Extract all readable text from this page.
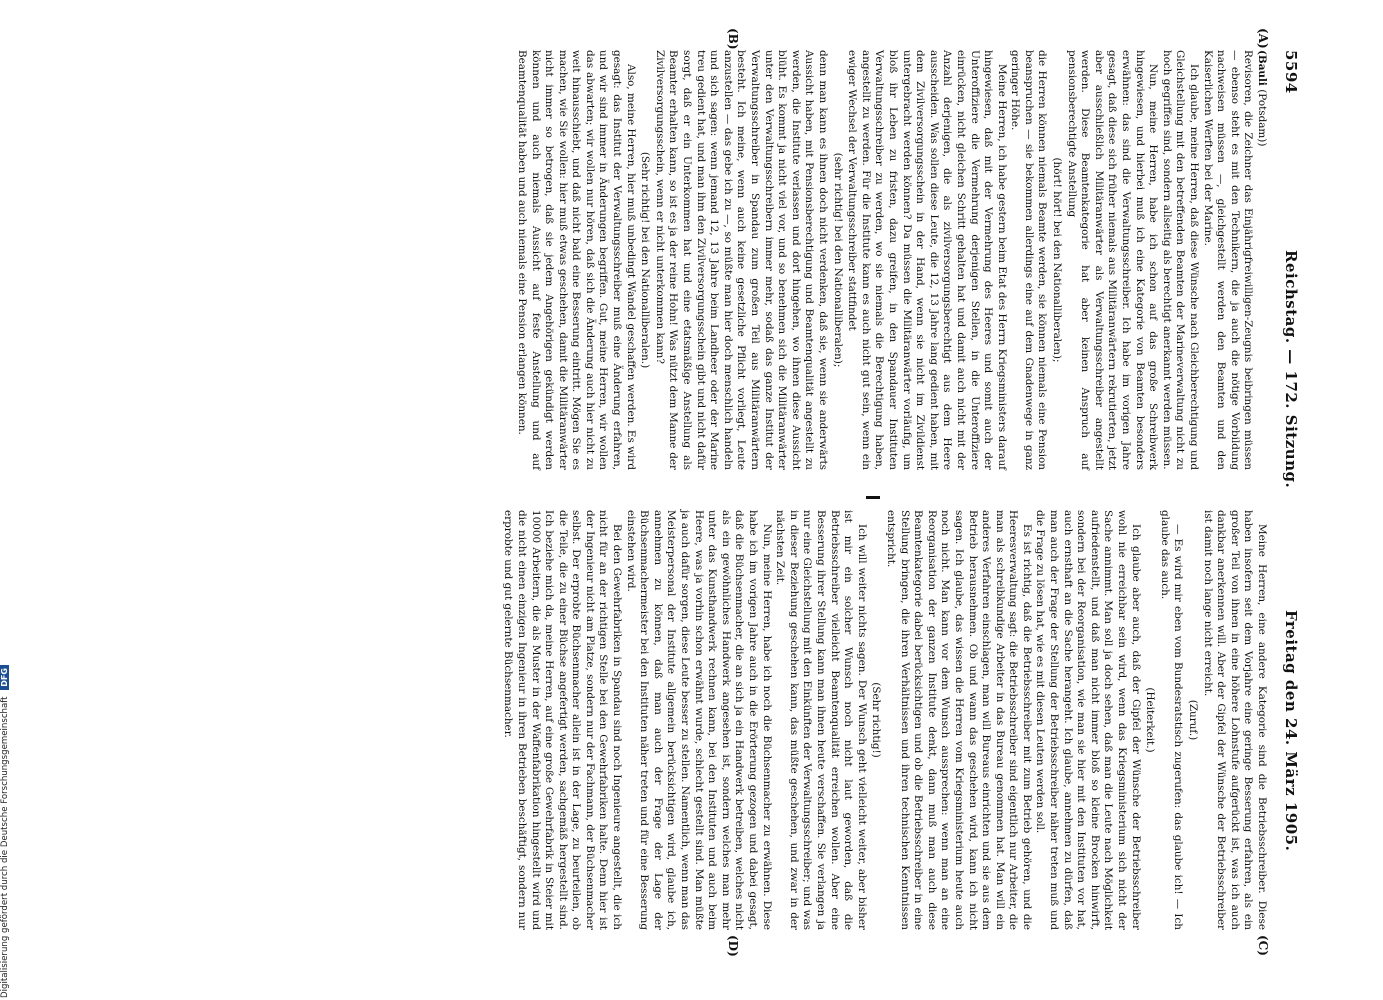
5594
Reichstag. — 172. Sitzung.
Freitag den 24. März 1905.
(A)
(B)
(C)
(D)

(Bauli (Potsdam))

Revisoren, die Zeichner das Einjährigfreiwilligen-Zeugnis beibringen müssen — ebenso steht es mit den Technikern, die ja auch die nötige Vorbildung nachweisen müssen —, gleichgestellt werden den Beamten und den Kaiserlichen Werften bei der Marine.

Ich glaube, meine Herren, daß diese Wünsche nach Gleichberechtigung und Gleichstellung mit den betreffenden Beamten der Marineverwaltung nicht zu hoch gegriffen sind, sondern allseitig als berechtigt anerkannt werden müssen.

Nun, meine Herren, habe ich schon auf das große Schreibwerk hingewiesen, und hierbei muß ich eine Kategorie von Beamten besonders erwähnen: das sind die Verwaltungsschreiber. Ich habe im vorigen Jahre gesagt, daß diese sich früher niemals aus Militäranwärtern rekrutierten, jetzt aber ausschließlich Militäranwärter als Verwaltungsschreiber angestellt werden. Diese Beamtenkategorie hat aber keinen Anspruch auf pensionsberechtigte Anstellung

(hört! hört! bei den Nationalliberalen);

die Herren können niemals Beamte werden, sie können niemals eine Pension beanspruchen — sie bekommen allerdings eine auf dem Gnadenwege in ganz geringer Höhe.

Meine Herren, ich habe gestern beim Etat des Herrn Kriegsministers darauf hingewiesen, daß mit der Vermehrung des Heeres und somit auch der Unteroffiziere die Vermehrung derjenigen Stellen, in die Unteroffiziere einrücken, nicht gleichen Schritt gehalten hat und damit auch nicht mit der Anzahl derjenigen, die als zivilversorgungsberechtigt aus dem Heere ausscheiden. Was sollen diese Leute, die 12, 13 Jahre lang gedient haben, mit dem Zivilversorgungsschein in der Hand, wenn sie nicht im Zivildienst untergebracht werden können? Da müssen die Militäranwärter vorläufig, um bloß ihr Leben zu fristen, dazu greifen, in den Spandauer Instituten Verwaltungsschreiber zu werden, wo sie niemals die Berechtigung haben, angestellt zu werden. Für die Institute kann es auch nicht gut sein, wenn ein ewiger Wechsel der Verwaltungsschreiber stattfindet

(sehr richtig! bei den Nationalliberalen);

denn man kann es ihnen doch nicht verdenken, daß sie, wenn sie anderwärts Aussicht haben, mit Pensionsberechtigung und Beamtenqualität angestellt zu werden, die Institute verlassen und dort hingehen, wo ihnen diese Aussicht blüht. Es kommt ja nicht viel vor, und so benehmen sich die Militäranwärter unter den Verwaltungsschreibern immer mehr, sodaß das ganze Institut der Verwaltungsschreiber in Spandau zum großen Teil aus Militäranwärtern besteht. Ich meine, wenn auch keine gesetzliche Pflicht vorliegt, Leute anzustellen — das gebe ich zu —, so müßte man hier doch menschlich handeln und sich sagen: wenn jemand 12, 13 Jahre beim Landheer oder der Marine treu gedient hat, und man ihm den Zivilversorgungsschein gibt und nicht dafür sorgt, daß er ein Unterkommen hat und eine etatsmäßige Anstellung als Beamter erhalten kann, so ist es ja der reine Hohn! Was nützt dem Manne der Zivilversorgungsschein, wenn er nicht unterkommen kann?

(Sehr richtig! bei den Nationalliberalen.)

Also, meine Herren, hier muß unbedingt Wandel geschaffen werden. Es wird gesagt: das Institut der Verwaltungsschreiber muß eine Änderung erfahren, und wir sind immer in Änderungen begriffen. Gut, meine Herren, wir wollen das abwarten; wir wollen nur hören, daß sich die Änderung auch hier nicht zu weit hinausschiebt, und daß nicht bald eine Besserung eintritt. Mögen Sie es machen, wie Sie wollen: hier muß etwas geschehen, damit die Militäranwärter nicht immer so betrogen, daß sie jedem Angehörigen gekündigt werden können und auch niemals Aussicht auf feste Anstellung und auf Beamtenqualität haben und auch niemals eine Pension erlangen können.

Meine Herren, eine andere Kategorie sind die Betriebsschreiber. Diese haben insofern seit dem Vorjahre eine geringe Besserung erfahren, als ein großer Teil von ihnen in eine höhere Lohnstufe aufgerückt ist, was ich auch dankbar anerkennen will. Aber der Gipfel der Wünsche der Betriebsschreiber ist damit noch lange nicht erreicht.

(Zuruf.)

— Es wird mir eben vom Bundesratstisch zugerufen: das glaube ich! — Ich glaube das auch.

(Heiterkeit.)

Ich glaube aber auch, daß der Gipfel der Wünsche der Betriebsschreiber wohl nie erreichbar sein wird, wenn das Kriegsministerium sich nicht der Sache annimmt. Man soll ja doch sehen, daß man die Leute nach Möglichkeit aufriedenstellt, und daß man nicht immer bloß so kleine Brocken hinwirft, sondern bei der Reorganisation, wie man sie hier mit den Instituten vor hat, auch ernsthaft an die Sache herangeht. Ich glaube, annehmen zu dürfen, daß man auch der Frage der Stellung der Betriebsschreiber näher treten muß und die Frage zu lösen hat, wie es mit diesen Leuten werden soll.

Es ist richtig, daß die Betriebsschreiber mit zum Betrieb gehören, und die Heeresverwaltung sagt: die Betriebsschreiber sind eigentlich nur Arbeiter, die man als schreibkundige Arbeiter in das Bureau genommen hat. Man will ein anderes Verfahren einschlagen, man will Bureaus einrichten und sie aus dem Betrieb herausnehmen. Ob und wann das geschehen wird, kann ich nicht sagen. Ich glaube, das wissen die Herren vom Kriegsministerium heute auch noch nicht. Man kann vor dem Wunsch aussprechen: wenn man an eine Reorganisation der ganzen Institute denkt, dann muß man auch diese Beamtenkategorie dabei berücksichtigen und ob die Betriebsschreiber in eine Stellung bringen, die ihren Verhältnissen und ihren technischen Kenntnissen entspricht.

(Sehr richtig!)

Ich will weiter nichts sagen. Der Wunsch geht vielleicht weiter, aber bisher ist mir ein solcher Wunsch noch nicht laut geworden, daß die Betriebsschreiber vielleicht Beamtenqualität erreichen wollen. Aber eine Besserung ihrer Stellung kann man ihnen heute verschaffen. Sie verlangen ja nur eine Gleichstellung mit den Einkünften der Verwaltungsschreiber; und was in dieser Beziehung geschehen kann, das müßte geschehen, und zwar in der nächsten Zeit.

Nun, meine Herren, habe ich noch die Büchsenmacher zu erwähnen. Diese habe ich im vorigen Jahre auch in die Erörterung gezogen und dabei gesagt, daß die Büchsenmacher, die an sich ja ein Handwerk betreiben, welches nicht als ein gewöhnliches Handwerk angesehen ist, sondern welches man mehr unter das Kunsthandwerk rechnen kann, bei den Instituten und auch beim Heere, was ja vorhin schon erwähnt wurde, schlecht gestellt sind. Man müßte ja auch dafür sorgen, diese Leute besser zu stellen. Namentlich, wenn man das Meisterpersonal der Institute allgemein berücksichtigen wird, glaube ich, annehmen zu können, daß man auch der Frage der Lage der Büchsenmachermeister bei den Instituten näher treten und für eine Besserung einstehen wird.

Bei den Gewehrfabriken in Spandau sind noch Ingenieure angestellt, die ich nicht für an der richtigen Stelle bei den Gewehrfabriken halte. Denn hier ist der Ingenieur nicht am Platze, sondern nur der Fachmann, der Büchsenmacher selbst. Der erprobte Büchsenmacher allein ist in der Lage, zu beurteilen, ob die Teile, die zu einer Büchse angefertigt werden, sachgemäß hergestellt sind. Ich beziehe mich da, meine Herren, auf eine große Gewehrfabrik in Steier mit 10000 Arbeitern, die als Muster in der Waffenfabrikation hingestellt wird und die nicht einen einzigen Ingenieur in ihren Betrieben beschäftigt, sondern nur erprobte und gut gelernte Büchsenmacher.

Digitalisierung gefördert durch die Deutsche Forschungsgemeinschaft DFG
